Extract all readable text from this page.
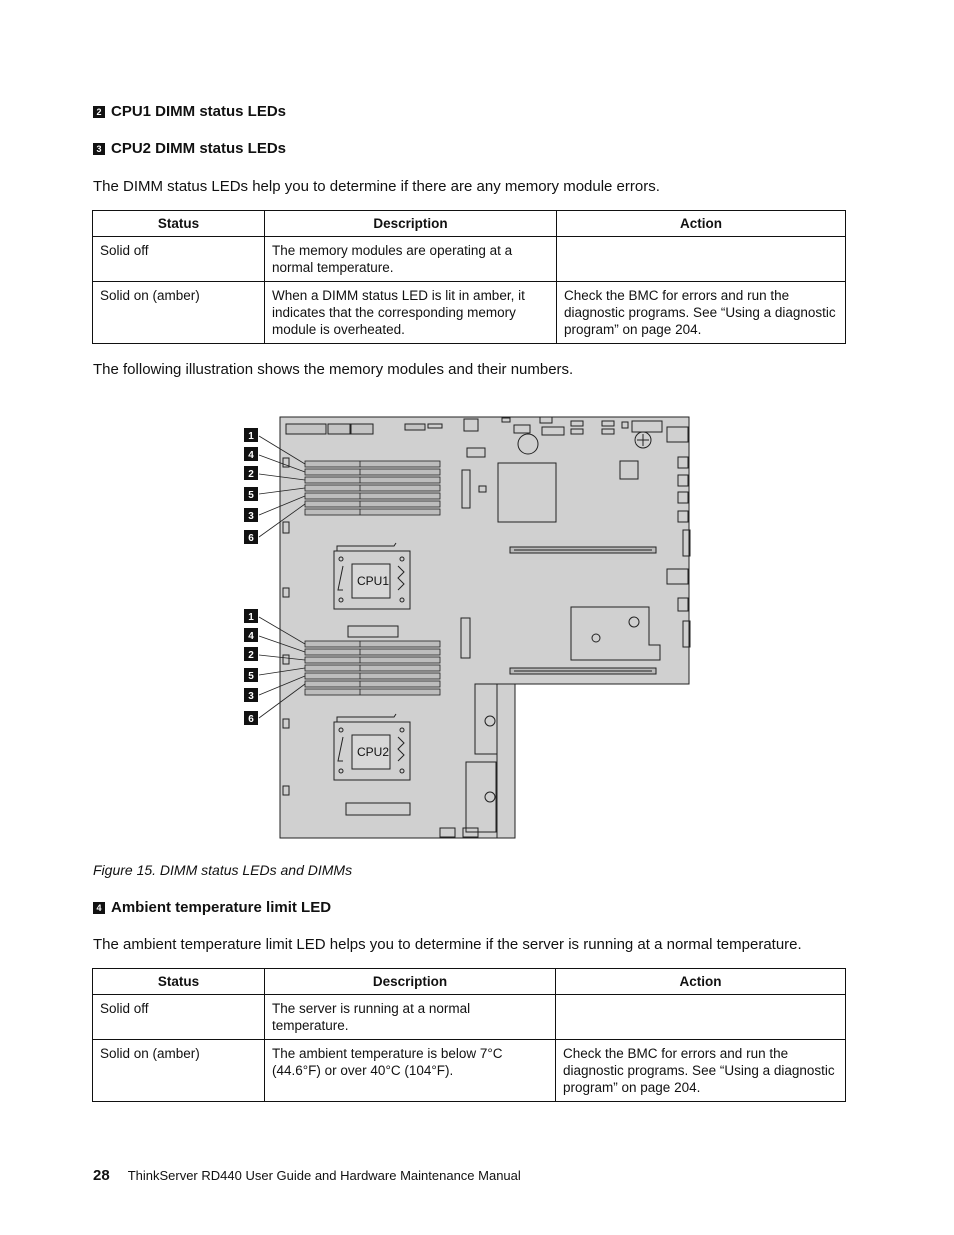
2 CPU1 DIMM status LEDs
3 CPU2 DIMM status LEDs
The DIMM status LEDs help you to determine if there are any memory module errors.
Status	Description	Action
Solid off	The memory modules are operating at a normal temperature.	
Solid on (amber)	When a DIMM status LED is lit in amber, it indicates that the corresponding memory module is overheated.	Check the BMC for errors and run the diagnostic programs. See “Using a diagnostic program” on page 204.
The following illustration shows the memory modules and their numbers.
CPU1
CPU2
1
4
2
5
3
6
1
4
2
5
3
6
Figure 15. DIMM status LEDs and DIMMs
4 Ambient temperature limit LED
The ambient temperature limit LED helps you to determine if the server is running at a normal temperature.
Status	Description	Action
Solid off	The server is running at a normal temperature.	
Solid on (amber)	The ambient temperature is below 7°C (44.6°F) or over 40°C (104°F).	Check the BMC for errors and run the diagnostic programs. See “Using a diagnostic program” on page 204.
28 ThinkServer RD440 User Guide and Hardware Maintenance Manual
